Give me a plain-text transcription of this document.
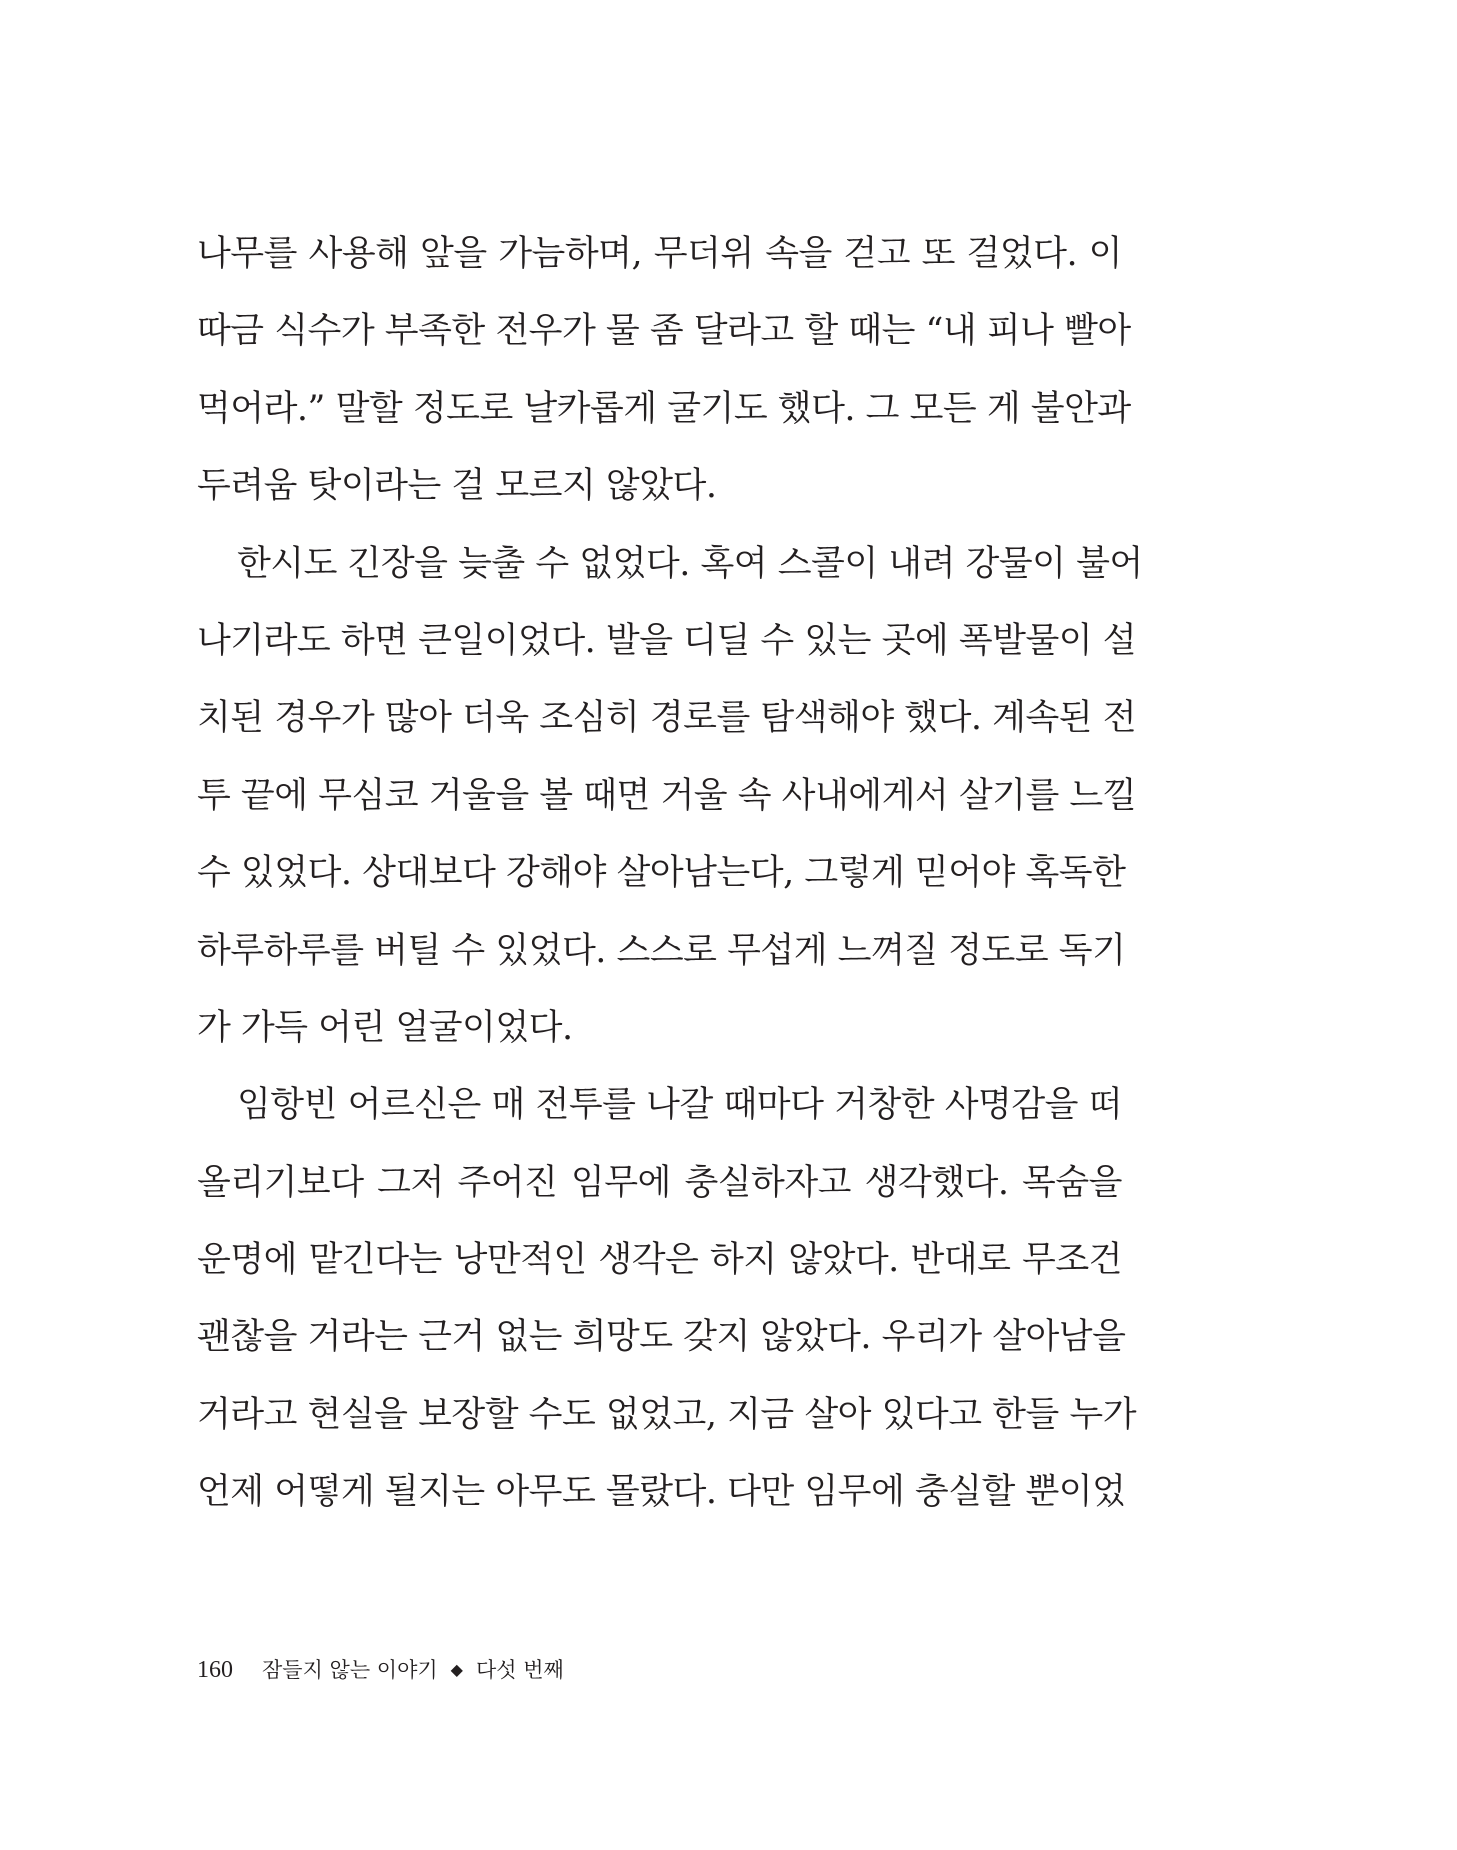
나무를 사용해 앞을 가늠하며, 무더위 속을 걷고 또 걸었다. 이
따금 식수가 부족한 전우가 물 좀 달라고 할 때는 “내 피나 빨아
먹어라.” 말할 정도로 날카롭게 굴기도 했다. 그 모든 게 불안과
두려움 탓이라는 걸 모르지 않았다.
한시도 긴장을 늦출 수 없었다. 혹여 스콜이 내려 강물이 불어
나기라도 하면 큰일이었다. 발을 디딜 수 있는 곳에 폭발물이 설
치된 경우가 많아 더욱 조심히 경로를 탐색해야 했다. 계속된 전
투 끝에 무심코 거울을 볼 때면 거울 속 사내에게서 살기를 느낄
수 있었다. 상대보다 강해야 살아남는다, 그렇게 믿어야 혹독한
하루하루를 버틸 수 있었다. 스스로 무섭게 느껴질 정도로 독기
가 가득 어린 얼굴이었다.
임항빈 어르신은 매 전투를 나갈 때마다 거창한 사명감을 떠
올리기보다 그저 주어진 임무에 충실하자고 생각했다. 목숨을
운명에 맡긴다는 낭만적인 생각은 하지 않았다. 반대로 무조건
괜찮을 거라는 근거 없는 희망도 갖지 않았다. 우리가 살아남을
거라고 현실을 보장할 수도 없었고, 지금 살아 있다고 한들 누가
언제 어떻게 될지는 아무도 몰랐다. 다만 임무에 충실할 뿐이었
160 잠들지 않는 이야기 ◆ 다섯 번째
